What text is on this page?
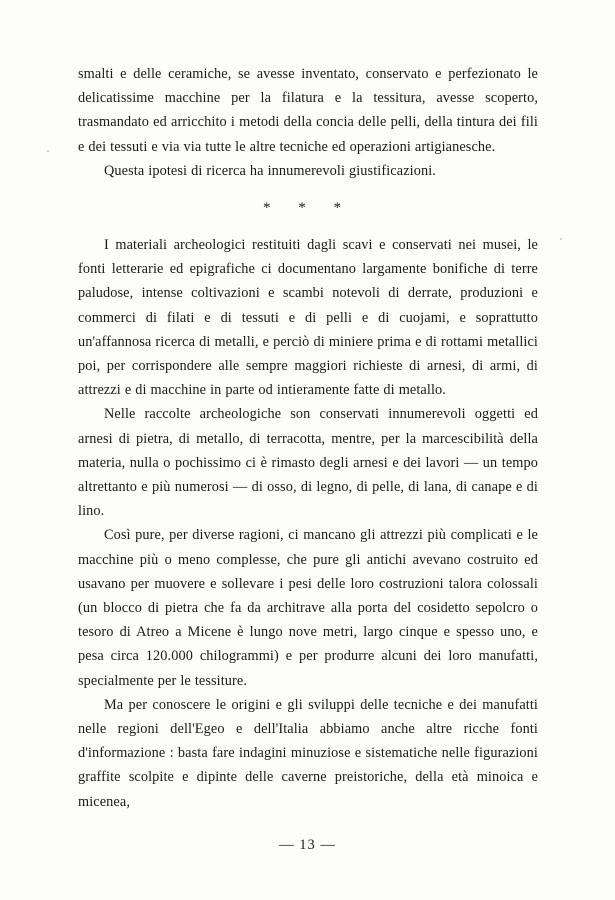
smalti e delle ceramiche, se avesse inventato, conservato e perfezionato le delicatissime macchine per la filatura e la tessitura, avesse scoperto, trasmandato ed arricchito i metodi della concia delle pelli, della tintura dei fili e dei tessuti e via via tutte le altre tecniche ed operazioni artigianesche.

Questa ipotesi di ricerca ha innumerevoli giustificazioni.

* * *

I materiali archeologici restituiti dagli scavi e conservati nei musei, le fonti letterarie ed epigrafiche ci documentano largamente bonifiche di terre paludose, intense coltivazioni e scambi notevoli di derrate, produzioni e commerci di filati e di tessuti e di pelli e di cuojami, e soprattutto un'affannosa ricerca di metalli, e perciò di miniere prima e di rottami metallici poi, per corrispondere alle sempre maggiori richieste di arnesi, di armi, di attrezzi e di macchine in parte od intieramente fatte di metallo.

Nelle raccolte archeologiche son conservati innumerevoli oggetti ed arnesi di pietra, di metallo, di terracotta, mentre, per la marcescibilità della materia, nulla o pochissimo ci è rimasto degli arnesi e dei lavori — un tempo altrettanto e più numerosi — di osso, di legno, di pelle, di lana, di canape e di lino.

Così pure, per diverse ragioni, ci mancano gli attrezzi più complicati e le macchine più o meno complesse, che pure gli antichi avevano costruito ed usavano per muovere e sollevare i pesi delle loro costruzioni talora colossali (un blocco di pietra che fa da architrave alla porta del cosidetto sepolcro o tesoro di Atreo a Micene è lungo nove metri, largo cinque e spesso uno, e pesa circa 120.000 chilogrammi) e per produrre alcuni dei loro manufatti, specialmente per le tessiture.

Ma per conoscere le origini e gli sviluppi delle tecniche e dei manufatti nelle regioni dell'Egeo e dell'Italia abbiamo anche altre ricche fonti d'informazione : basta fare indagini minuziose e sistematiche nelle figurazioni graffite scolpite e dipinte delle caverne preistoriche, della età minoica e micenea,

— 13 —
